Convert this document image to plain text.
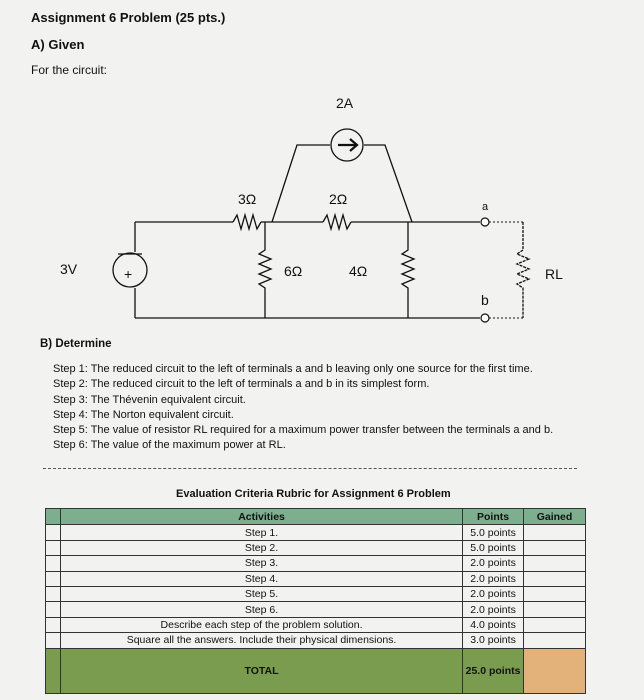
Assignment 6 Problem (25 pts.)
A) Given
For the circuit:
2A
3Ω	2Ω
3V	+	6Ω	4Ω
a
b
RL
B) Determine
Step 1: The reduced circuit to the left of terminals a and b leaving only one source for the first time.
Step 2: The reduced circuit to the left of terminals a and b in its simplest form.
Step 3: The Thévenin equivalent circuit.
Step 4: The Norton equivalent circuit.
Step 5: The value of resistor RL required for a maximum power transfer between the terminals a and b.
Step 6: The value of the maximum power at RL.
Evaluation Criteria Rubric for Assignment 6 Problem
	Activities	Points	Gained
	Step 1.	5.0 points	
	Step 2.	5.0 points	
	Step 3.	2.0 points	
	Step 4.	2.0 points	
	Step 5.	2.0 points	
	Step 6.	2.0 points	
	Describe each step of the problem solution.	4.0 points	
	Square all the answers. Include their physical dimensions.	3.0 points	
	TOTAL	25.0 points	
